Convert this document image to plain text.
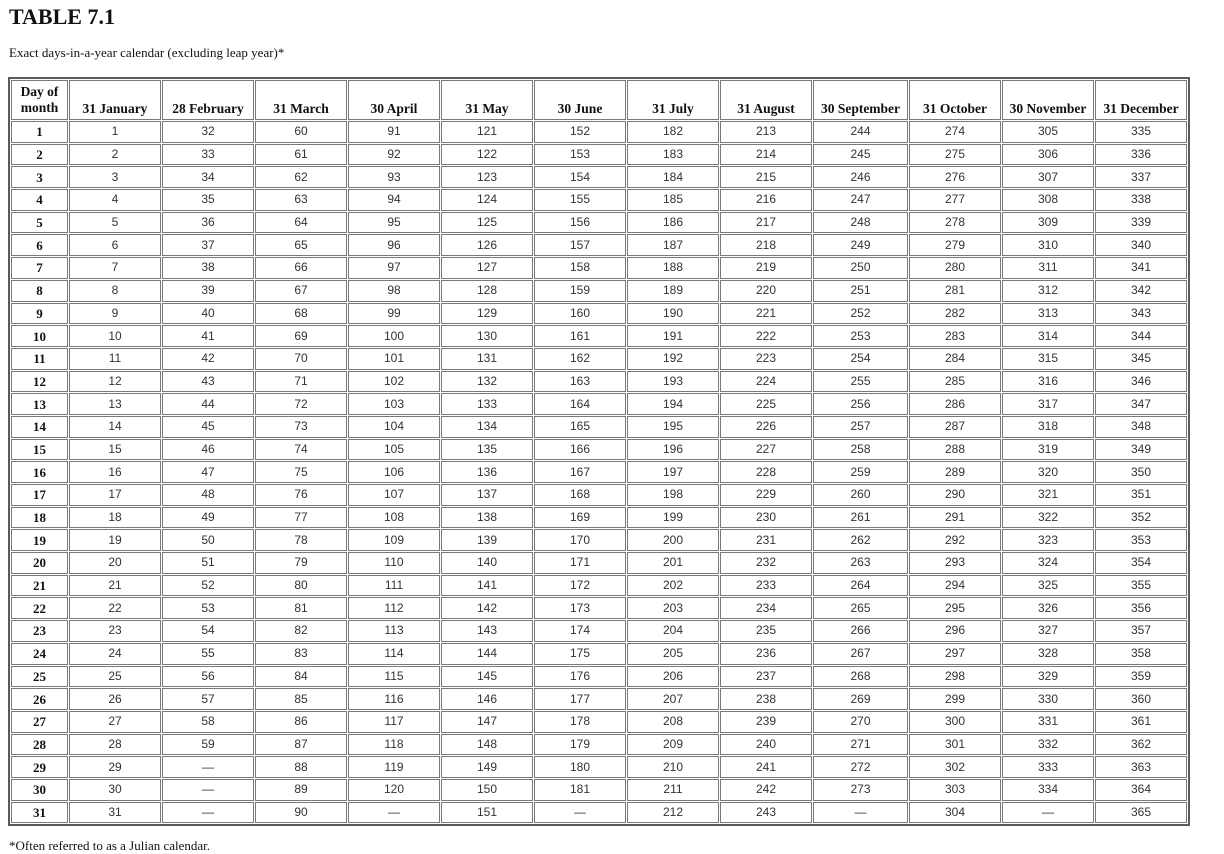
TABLE 7.1

Exact days-in-a-year calendar (excluding leap year)*

Day of month	31 January	28 February	31 March	30 April	31 May	30 June	31 July	31 August	30 September	31 October	30 November	31 December
1	1	32	60	91	121	152	182	213	244	274	305	335
2	2	33	61	92	122	153	183	214	245	275	306	336
3	3	34	62	93	123	154	184	215	246	276	307	337
4	4	35	63	94	124	155	185	216	247	277	308	338
5	5	36	64	95	125	156	186	217	248	278	309	339
6	6	37	65	96	126	157	187	218	249	279	310	340
7	7	38	66	97	127	158	188	219	250	280	311	341
8	8	39	67	98	128	159	189	220	251	281	312	342
9	9	40	68	99	129	160	190	221	252	282	313	343
10	10	41	69	100	130	161	191	222	253	283	314	344
11	11	42	70	101	131	162	192	223	254	284	315	345
12	12	43	71	102	132	163	193	224	255	285	316	346
13	13	44	72	103	133	164	194	225	256	286	317	347
14	14	45	73	104	134	165	195	226	257	287	318	348
15	15	46	74	105	135	166	196	227	258	288	319	349
16	16	47	75	106	136	167	197	228	259	289	320	350
17	17	48	76	107	137	168	198	229	260	290	321	351
18	18	49	77	108	138	169	199	230	261	291	322	352
19	19	50	78	109	139	170	200	231	262	292	323	353
20	20	51	79	110	140	171	201	232	263	293	324	354
21	21	52	80	111	141	172	202	233	264	294	325	355
22	22	53	81	112	142	173	203	234	265	295	326	356
23	23	54	82	113	143	174	204	235	266	296	327	357
24	24	55	83	114	144	175	205	236	267	297	328	358
25	25	56	84	115	145	176	206	237	268	298	329	359
26	26	57	85	116	146	177	207	238	269	299	330	360
27	27	58	86	117	147	178	208	239	270	300	331	361
28	28	59	87	118	148	179	209	240	271	301	332	362
29	29	—	88	119	149	180	210	241	272	302	333	363
30	30	—	89	120	150	181	211	242	273	303	334	364
31	31	—	90	—	151	—	212	243	—	304	—	365

*Often referred to as a Julian calendar.
